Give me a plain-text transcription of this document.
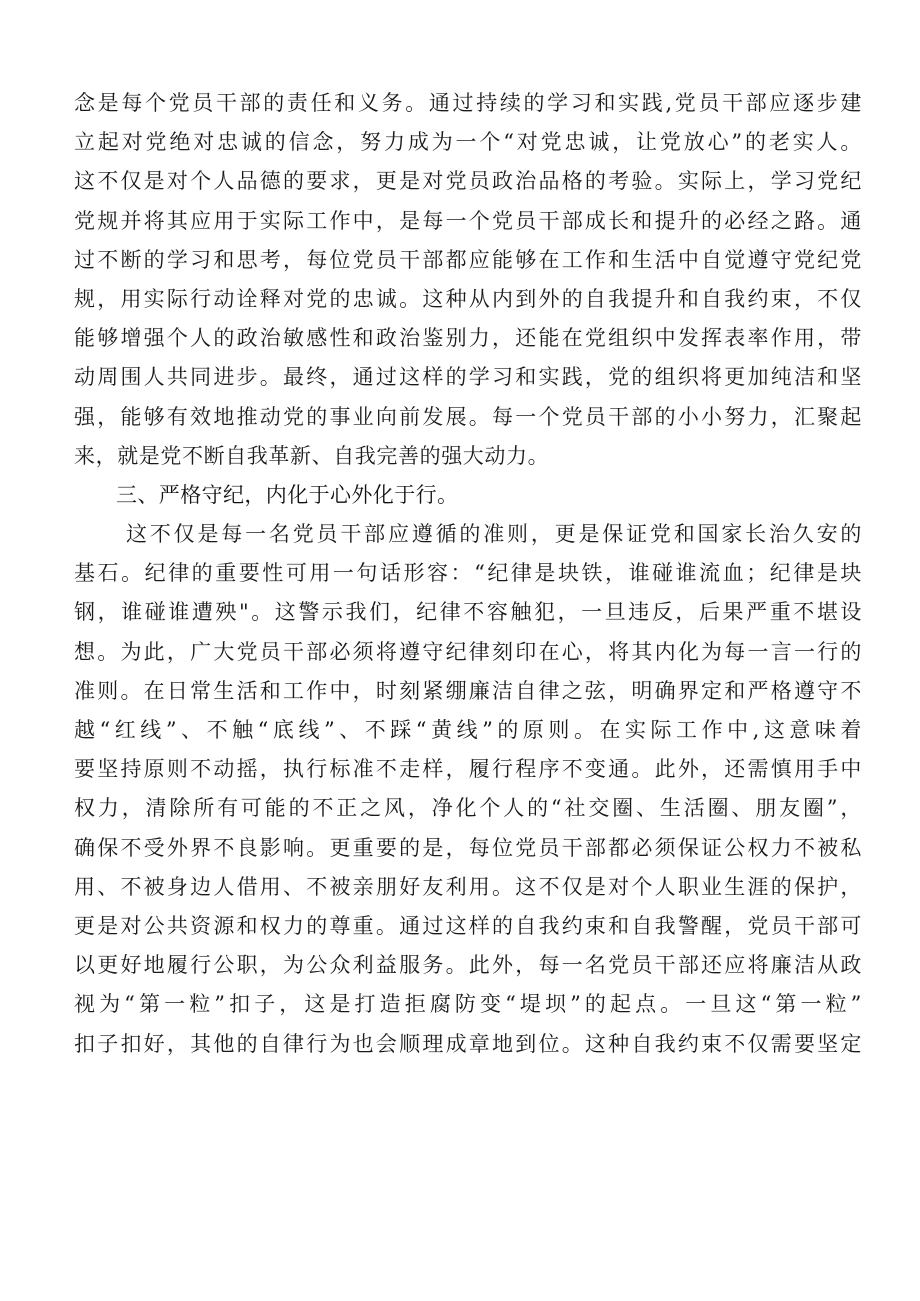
念是每个党员干部的责任和义务。通过持续的学习和实践,党员干部应逐步建
立起对党绝对忠诚的信念，努力成为一个“对党忠诚，让党放心”的老实人。
这不仅是对个人品德的要求，更是对党员政治品格的考验。实际上，学习党纪
党规并将其应用于实际工作中，是每一个党员干部成长和提升的必经之路。通
过不断的学习和思考，每位党员干部都应能够在工作和生活中自觉遵守党纪党
规，用实际行动诠释对党的忠诚。这种从内到外的自我提升和自我约束，不仅
能够增强个人的政治敏感性和政治鉴别力，还能在党组织中发挥表率作用，带
动周围人共同进步。最终，通过这样的学习和实践，党的组织将更加纯洁和坚
强，能够有效地推动党的事业向前发展。每一个党员干部的小小努力，汇聚起
来，就是党不断自我革新、自我完善的强大动力。
三、严格守纪，内化于心外化于行。
这不仅是每一名党员干部应遵循的准则，更是保证党和国家长治久安的
基石。纪律的重要性可用一句话形容：“纪律是块铁，谁碰谁流血；纪律是块
钢，谁碰谁遭殃"。这警示我们，纪律不容触犯，一旦违反，后果严重不堪设
想。为此，广大党员干部必须将遵守纪律刻印在心，将其内化为每一言一行的
准则。在日常生活和工作中，时刻紧绷廉洁自律之弦，明确界定和严格遵守不
越“红线”、不触“底线”、不踩“黄线”的原则。在实际工作中,这意味着
要坚持原则不动摇，执行标准不走样，履行程序不变通。此外，还需慎用手中
权力，清除所有可能的不正之风，净化个人的“社交圈、生活圈、朋友圈”，
确保不受外界不良影响。更重要的是，每位党员干部都必须保证公权力不被私
用、不被身边人借用、不被亲朋好友利用。这不仅是对个人职业生涯的保护，
更是对公共资源和权力的尊重。通过这样的自我约束和自我警醒，党员干部可
以更好地履行公职，为公众利益服务。此外，每一名党员干部还应将廉洁从政
视为“第一粒”扣子，这是打造拒腐防变“堤坝”的起点。一旦这“第一粒”
扣子扣好，其他的自律行为也会顺理成章地到位。这种自我约束不仅需要坚定
